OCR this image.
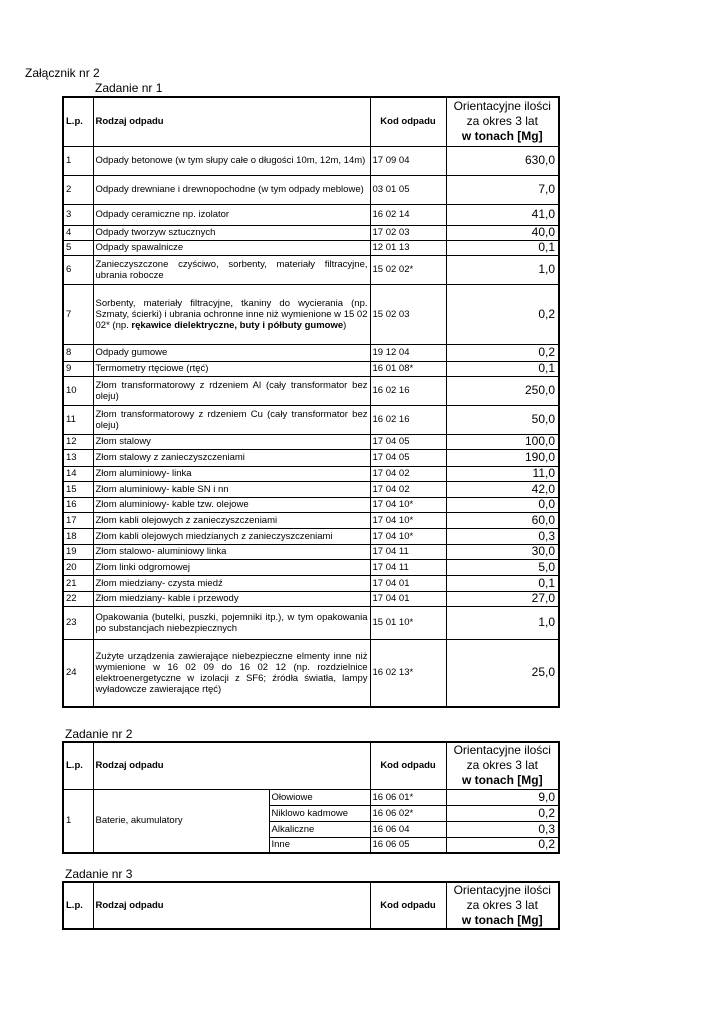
Załącznik nr 2
Zadanie nr 1
L.p.	Rodzaj odpadu	Kod odpadu	Orientacyjne ilości
za okres 3 lat
w tonach [Mg]

1	Odpady betonowe (w tym słupy całe o długości 10m, 12m, 14m)	17 09 04	630,0
2	Odpady drewniane i drewnopochodne (w tym odpady meblowe)	03 01 05	7,0
3	Odpady ceramiczne np. izolator	16 02 14	41,0
4	Odpady tworzyw sztucznych	17 02 03	40,0
5	Odpady spawalnicze	12 01 13	0,1
6	Zanieczyszczone czyściwo, sorbenty, materiały filtracyjne, ubrania robocze	15 02 02*	1,0
7	Sorbenty, materiały filtracyjne, tkaniny do wycierania (np. Szmaty, ścierki) i ubrania ochronne inne niż wymienione w 15 02 02* (np. rękawice dielektryczne, buty i półbuty gumowe)	15 02 03	0,2
8	Odpady gumowe	19 12 04	0,2
9	Termometry rtęciowe (rtęć)	16 01 08*	0,1
10	Złom transformatorowy z rdzeniem Al (cały transformator bez oleju)	16 02 16	250,0
11	Złom transformatorowy z rdzeniem Cu (cały transformator bez oleju)	16 02 16	50,0
12	Złom stalowy	17 04 05	100,0
13	Złom stalowy z zanieczyszczeniami	17 04 05	190,0
14	Złom aluminiowy- linka	17 04 02	11,0
15	Złom aluminiowy- kable SN i nn	17 04 02	42,0
16	Złom aluminiowy- kable tzw. olejowe	17 04 10*	0,0
17	Złom kabli olejowych z zanieczyszczeniami	17 04 10*	60,0
18	Złom kabli olejowych miedzianych z zanieczyszczeniami	17 04 10*	0,3
19	Złom stalowo- aluminiowy linka	17 04 11	30,0
20	Złom linki odgromowej	17 04 11	5,0
21	Złom miedziany- czysta miedź	17 04 01	0,1
22	Złom miedziany- kable i przewody	17 04 01	27,0
23	Opakowania (butelki, puszki, pojemniki itp.), w tym opakowania po substancjach niebezpiecznych	15 01 10*	1,0
24	Zużyte urządzenia zawierające niebezpieczne elmenty inne niż wymienione w 16 02 09 do 16 02 12 (np. rozdzielnice elektroenergetyczne w izolacji z SF6; źródła światła, lampy wyładowcze zawierające rtęć)	16 02 13*	25,0
Zadanie nr 2
L.p.	Rodzaj odpadu		Kod odpadu	Orientacyjne ilości
za okres 3 lat
w tonach [Mg]

1	Baterie, akumulatory	Ołowiowe	16 06 01*	9,0
		Niklowo kadmowe	16 06 02*	0,2
		Alkaliczne	16 06 04	0,3
		Inne	16 06 05	0,2
Zadanie nr 3
L.p.	Rodzaj odpadu	Kod odpadu	
Orientacyjne ilości
za okres 3 lat
w tonach [Mg]
